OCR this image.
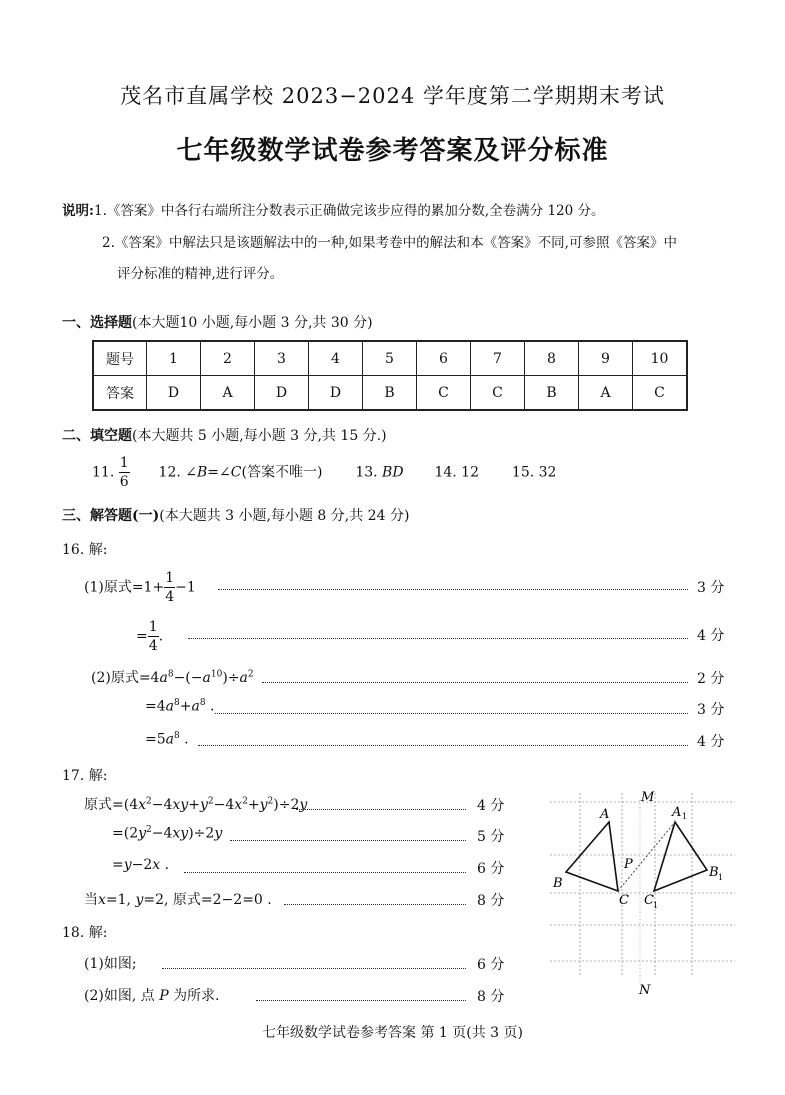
茂名市直属学校 2023−2024 学年度第二学期期末考试
七年级数学试卷参考答案及评分标准
说明:1.《答案》中各行右端所注分数表示正确做完该步应得的累加分数,全卷满分 120 分。
2.《答案》中解法只是该题解法中的一种,如果考卷中的解法和本《答案》不同,可参照《答案》中
评分标准的精神,进行评分。
一、选择题(本大题10 小题,每小题 3 分,共 30 分)
题号	1	2	3	4	5	6	7	8	9	10
答案	D	A	D	D	B	C	C	B	A	C
二、填空题(本大题共 5 小题,每小题 3 分,共 15 分.)
11. $\frac{1}{6} 12$. ∠B=∠C(答案不唯一) 13. BD 14. 12 15. 32
三、解答题(一)(本大题共 3 小题,每小题 8 分,共 24 分)
16. 解:
(1)原式$=1+ \frac{1}{4} -1$	3 分
= $\frac{1}{4}$ .	4 分
(2)原式$=4a^8-(-a^{10})\div a^2$	2 分
$=4a^8+a^8$ .	3 分
$=5a^8$ .	4 分
17. 解:
原式$=(4x^2-4xy+y^2-4x^2+y^2)\div 2y$	4 分
$=(2y^2-4xy)\div 2y$	5 分
=y−2x .	6 分
当x=1, y=2, 原式=2−2=0 .	8 分
18. 解:
(1)如图;	6 分
(2)如图, 点 P 为所求.	8 分
M
N
A	A 1
B
B 1
C C 1
P
七年级数学试卷参考答案 第 1 页(共 3 页)
